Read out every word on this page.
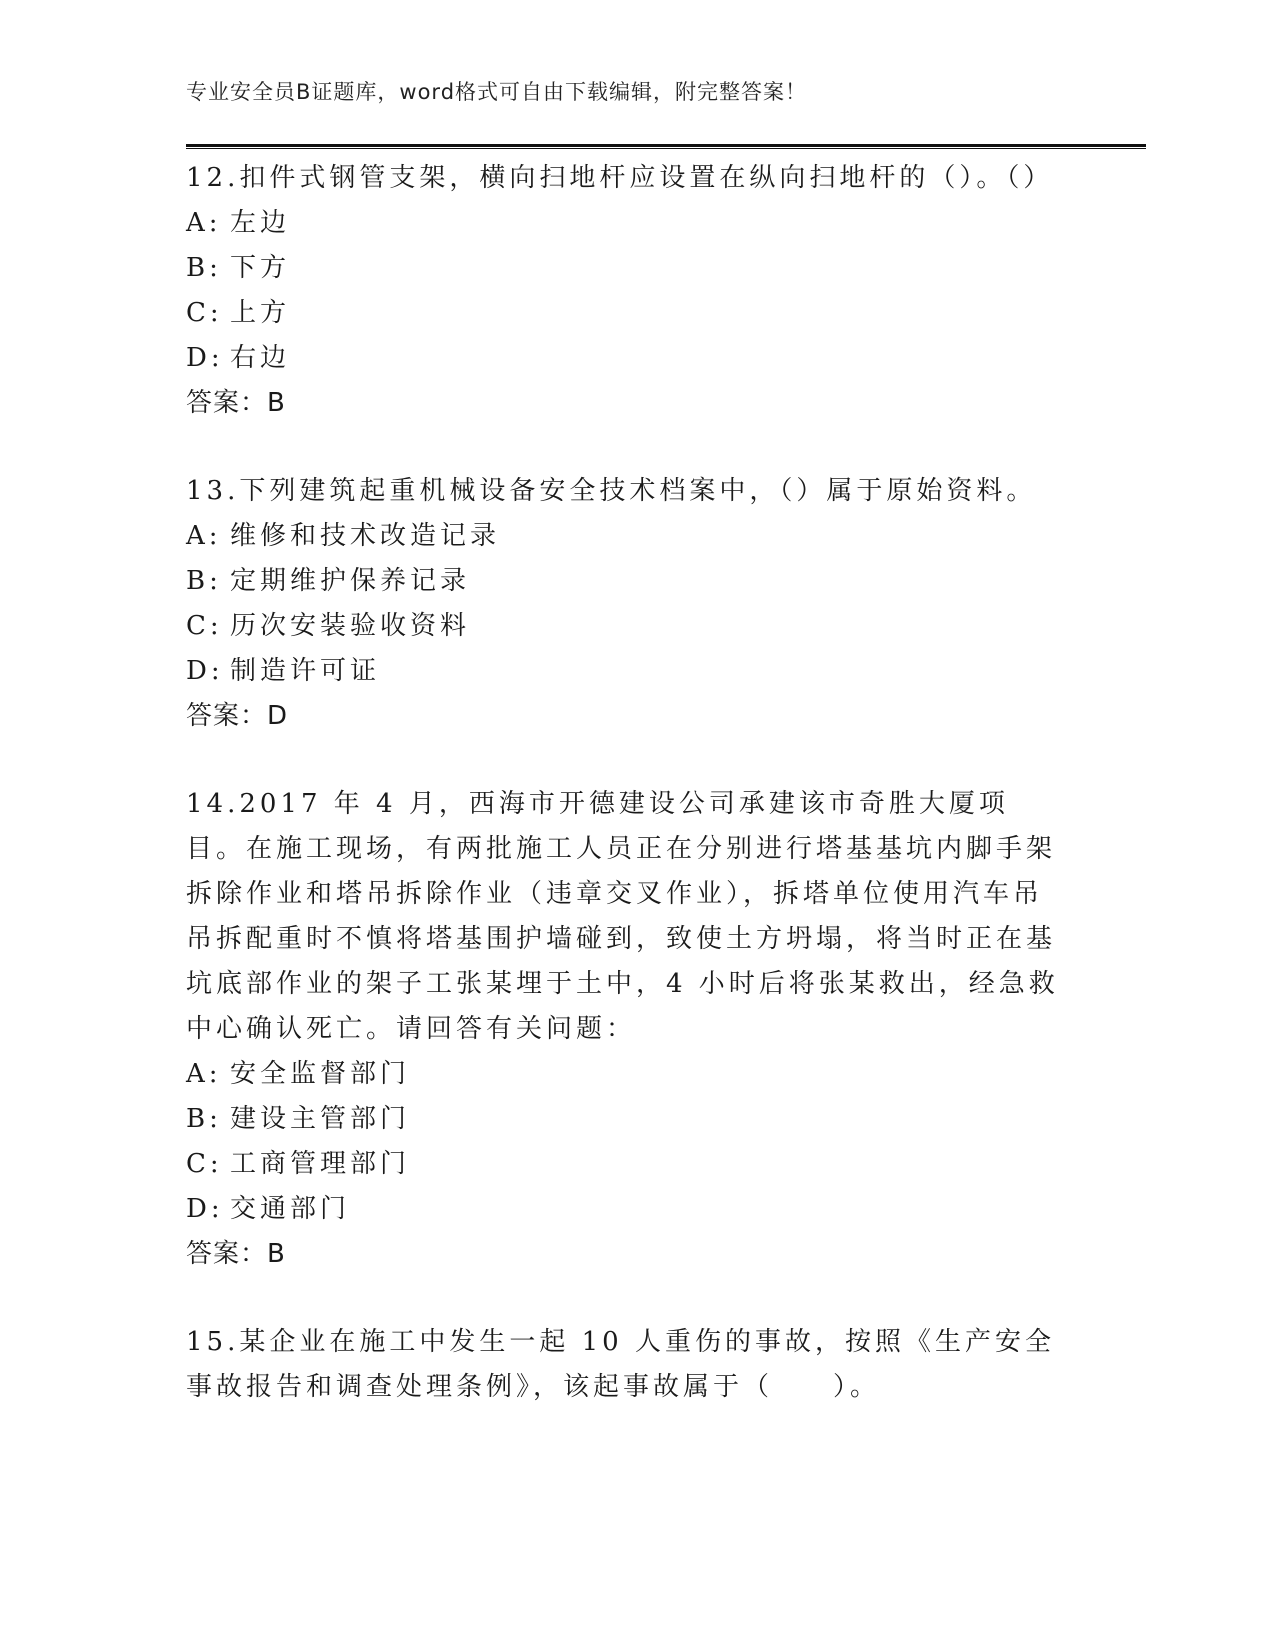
专业安全员B证题库，word格式可自由下载编辑，附完整答案！

12.扣件式钢管支架，横向扫地杆应设置在纵向扫地杆的（）。（）

A: 左边

B: 下方

C: 上方

D: 右边

答案：B

13.下列建筑起重机械设备安全技术档案中，（）属于原始资料。

A: 维修和技术改造记录

B: 定期维护保养记录

C: 历次安装验收资料

D: 制造许可证

答案：D

14.2017 年 4 月，西海市开德建设公司承建该市奇胜大厦项目。在施工现场，有两批施工人员正在分别进行塔基基坑内脚手架拆除作业和塔吊拆除作业（违章交叉作业），拆塔单位使用汽车吊吊拆配重时不慎将塔基围护墙碰到，致使土方坍塌，将当时正在基坑底部作业的架子工张某埋于土中，4 小时后将张某救出，经急救中心确认死亡。请回答有关问题：

A: 安全监督部门

B: 建设主管部门

C: 工商管理部门

D: 交通部门

答案：B

15.某企业在施工中发生一起 10 人重伤的事故，按照《生产安全事故报告和调查处理条例》，该起事故属于（　　）。
